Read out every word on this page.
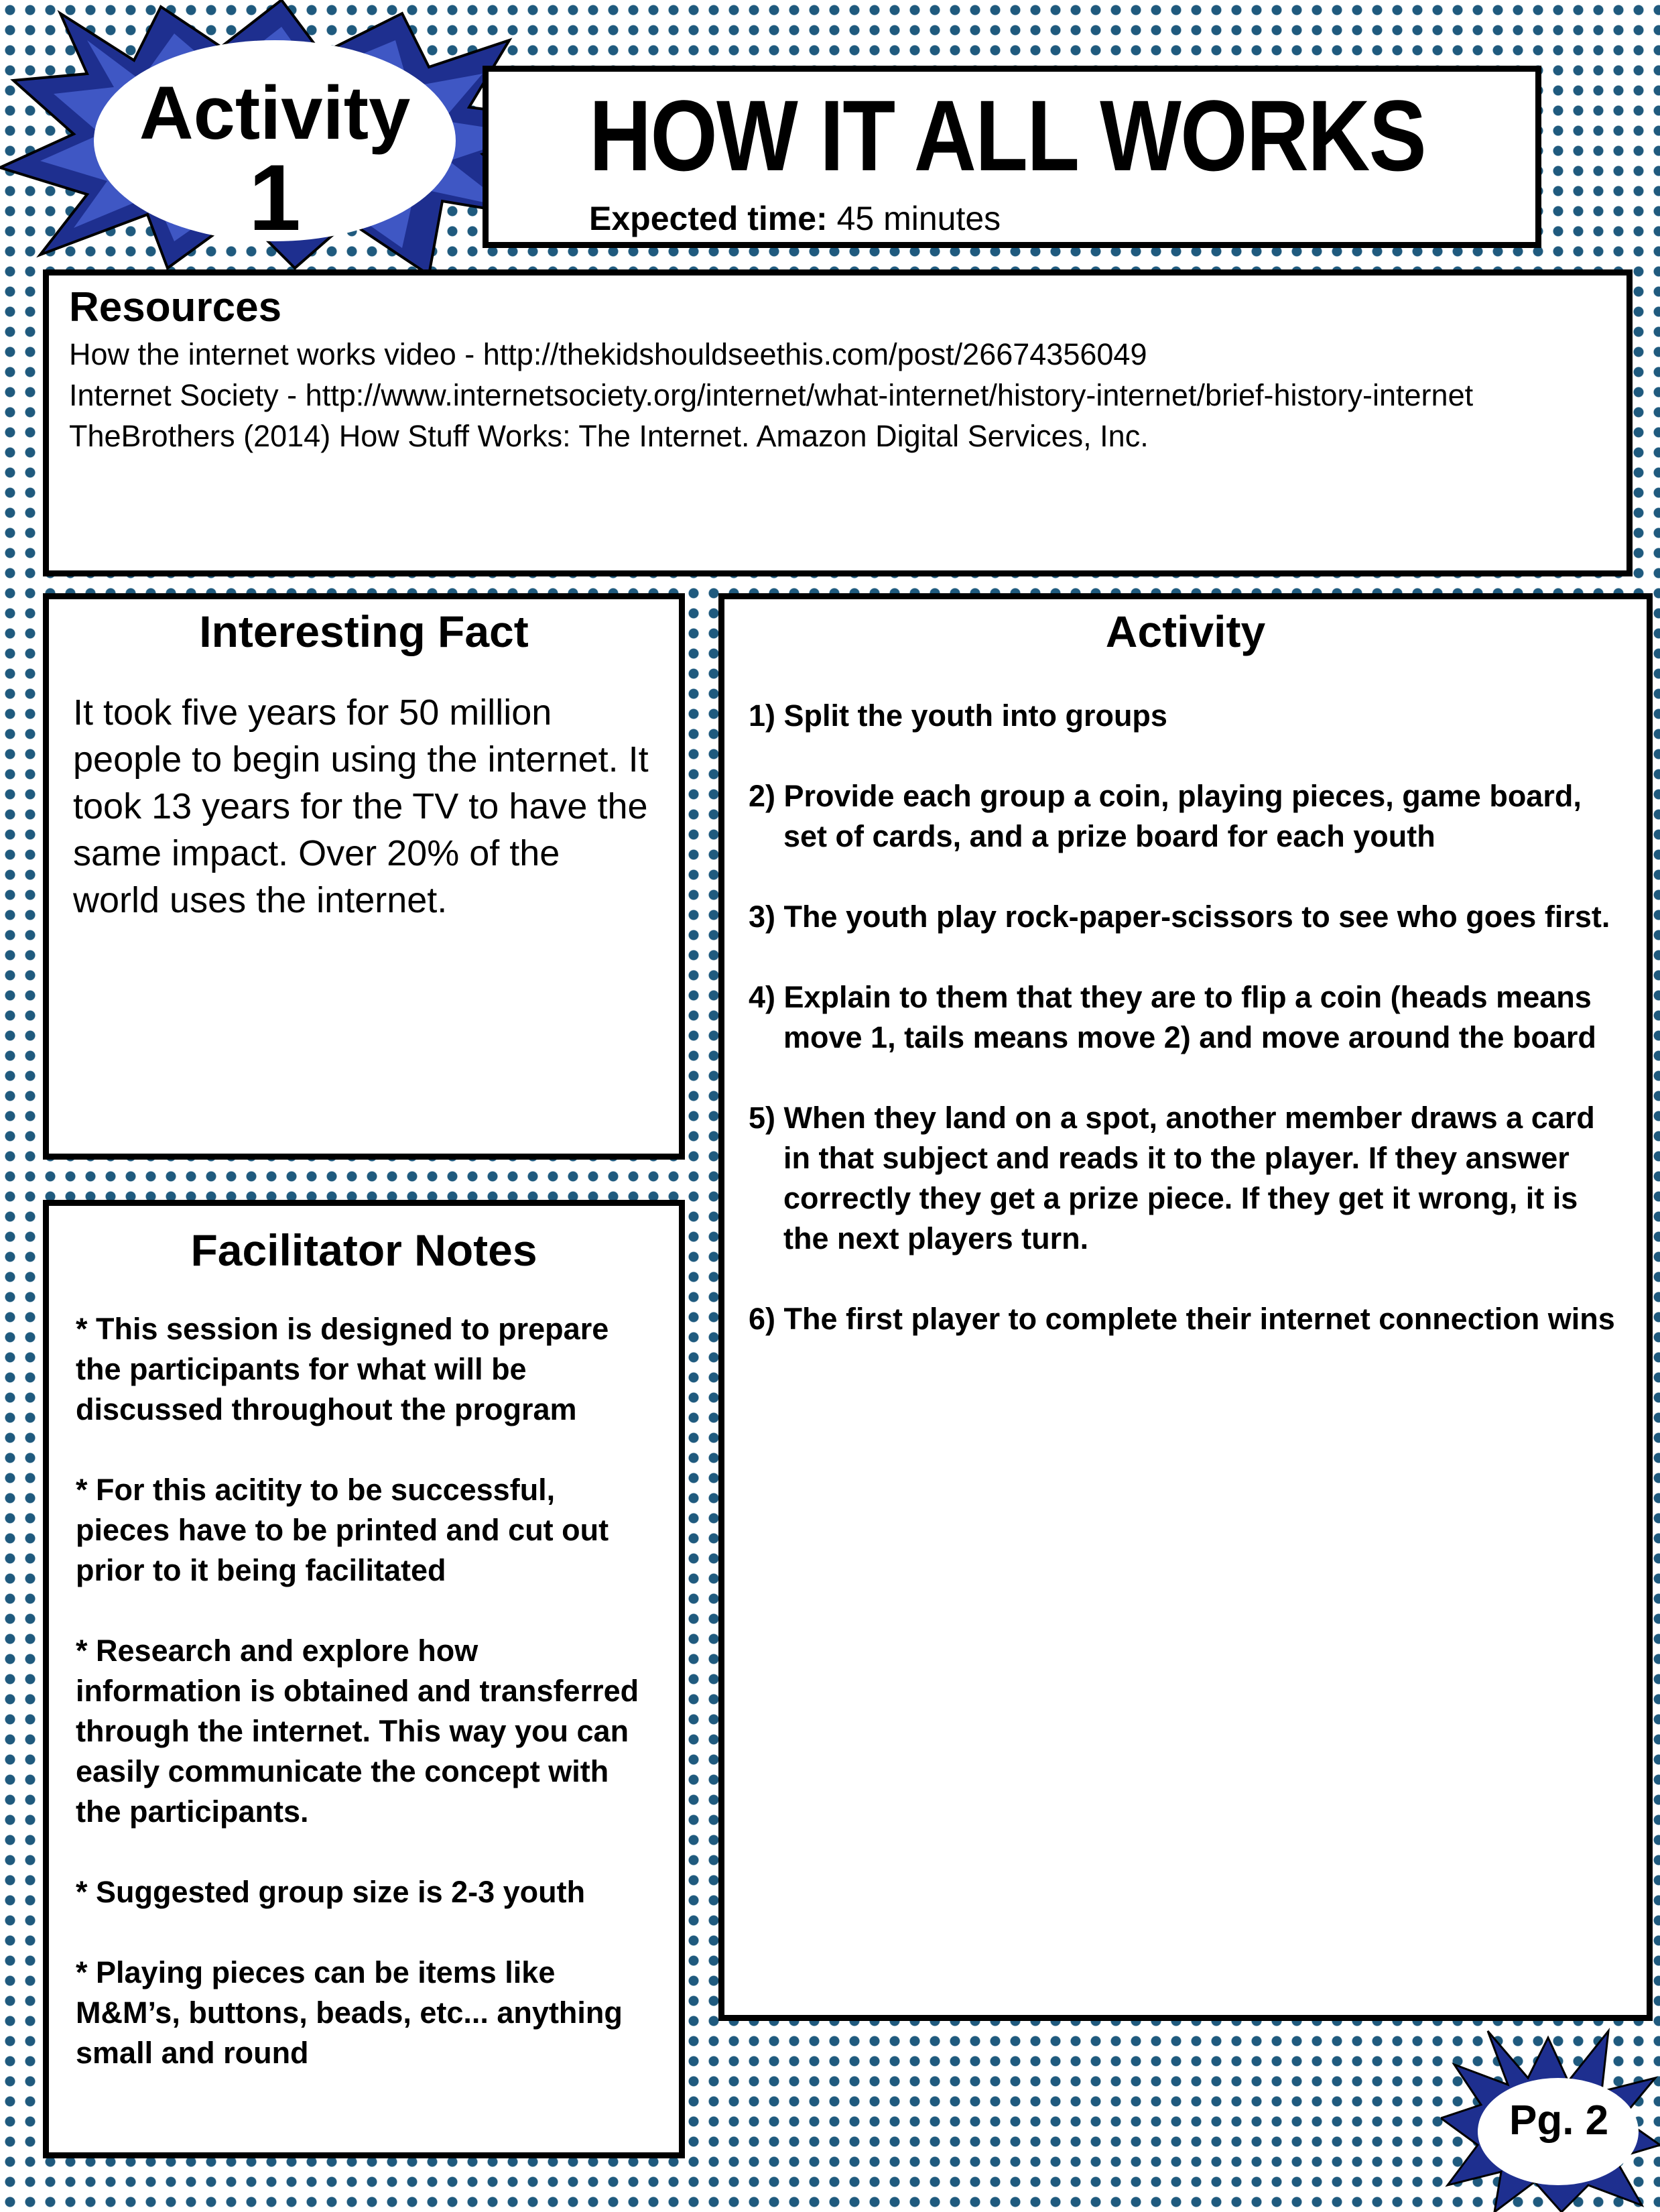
Activity
1
HOW IT ALL WORKS
Expected time: 45 minutes
Resources
How the internet works video - http://thekidshouldseethis.com/post/26674356049
Internet Society - http://www.internetsociety.org/internet/what-internet/history-internet/brief-history-internet
TheBrothers (2014) How Stuff Works: The Internet. Amazon Digital Services, Inc.
Interesting Fact
It took five years for 50 million people to begin using the internet. It took 13 years for the TV to have the same impact. Over 20% of the world uses the internet.
Facilitator Notes
* This session is designed to prepare the participants for what will be discussed throughout the program
* For this acitity to be successful, pieces have to be printed and cut out prior to it being facilitated
* Research and explore how information is obtained and transferred through the internet. This way you can easily communicate the concept with the participants.
* Suggested group size is 2-3 youth
* Playing pieces can be items like M&M’s, buttons, beads, etc... anything small and round
Activity
1) Split the youth into groups
2) Provide each group a coin, playing pieces, game board, set of cards, and a prize board for each youth
3) The youth play rock-paper-scissors to see who goes first.
4) Explain to them that they are to flip a coin (heads means move 1, tails means move 2) and move around the board
5) When they land on a spot, another member draws a card in that subject and reads it to the player. If they answer correctly they get a prize piece. If they get it wrong, it is the next players turn.
6) The first player to complete their internet connection wins
Pg. 2
